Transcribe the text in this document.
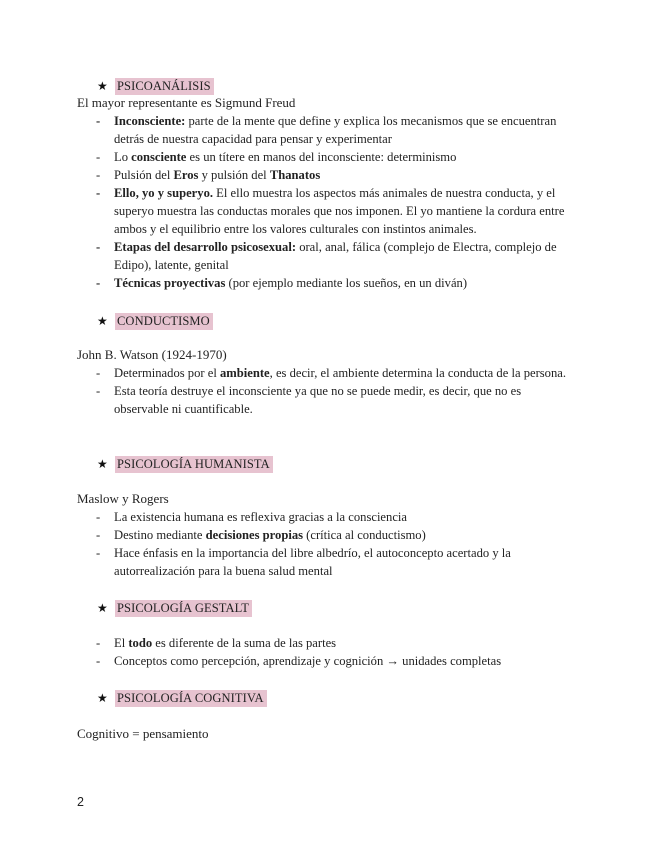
★ PSICOANÁLISIS
El mayor representante es Sigmund Freud
-	Inconsciente: parte de la mente que define y explica los mecanismos que se encuentran detrás de nuestra capacidad para pensar y experimentar
-	Lo consciente es un títere en manos del inconsciente: determinismo
-	Pulsión del Eros y pulsión del Thanatos
-	Ello, yo y superyo. El ello muestra los aspectos más animales de nuestra conducta, y el superyo muestra las conductas morales que nos imponen. El yo mantiene la cordura entre ambos y el equilibrio entre los valores culturales con instintos animales.
-	Etapas del desarrollo psicosexual: oral, anal, fálica (complejo de Electra, complejo de Edipo), latente, genital
-	Técnicas proyectivas (por ejemplo mediante los sueños, en un diván)
★ CONDUCTISMO
John B. Watson (1924-1970)
-	Determinados por el ambiente, es decir, el ambiente determina la conducta de la persona.
-	Esta teoría destruye el inconsciente ya que no se puede medir, es decir, que no es observable ni cuantificable.
★ PSICOLOGÍA HUMANISTA
Maslow y Rogers
-	La existencia humana es reflexiva gracias a la consciencia
-	Destino mediante decisiones propias (crítica al conductismo)
-	Hace énfasis en la importancia del libre albedrío, el autoconcepto acertado y la autorrealización para la buena salud mental
★ PSICOLOGÍA GESTALT
-	El todo es diferente de la suma de las partes
-	Conceptos como percepción, aprendizaje y cognición → unidades completas
★ PSICOLOGÍA COGNITIVA
Cognitivo = pensamiento
2
